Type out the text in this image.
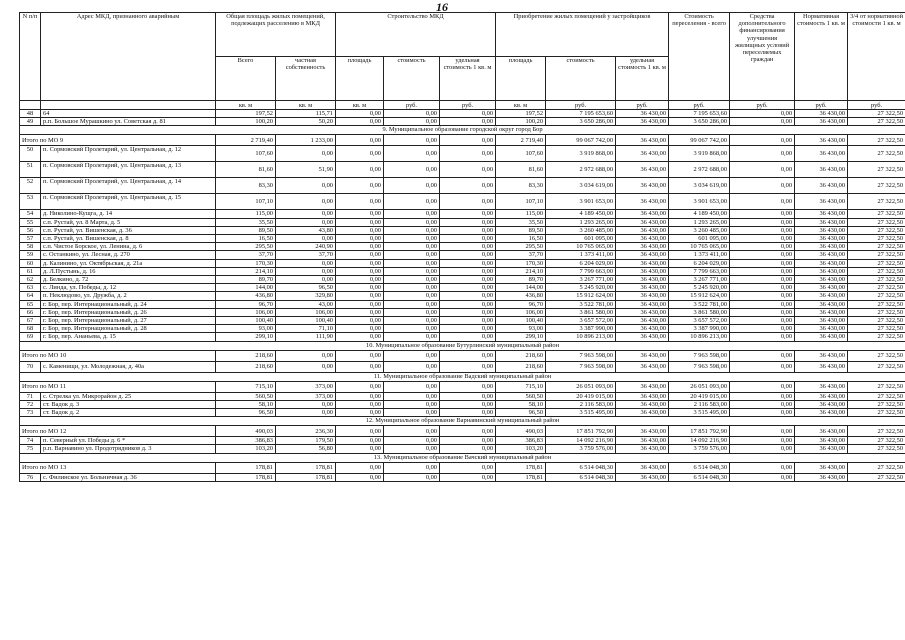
16
N п/п	Адрес МКД, признанного аварийным	Общая площадь жилых помещений, подлежащих расселению в МКД		Строительство МКД			Приобретение жилых помещений у застройщиков			Стоимость переселения - всего	Средства дополнительного финансирования улучшения жилищных условий переселяемых граждан	Нормативная стоимость 1 кв. м	3/4 от нормативной стоимости 1 кв. м
		Всего	частная собственность	площадь	стоимость	удельная стоимость 1 кв. м	площадь	стоимость	удельная стоимость 1 кв. м				
		кв. м	кв. м	кв. м	руб.	руб.	кв. м	руб.	руб.	руб.	руб.	руб.	руб.
48	64	197,52	115,71	0,00	0,00	0,00	197,52	7 195 653,60	36 430,00	7 195 653,60	0,00	36 430,00	27 322,50
49	р.п. Большое Мурашкино ул. Советская д. 81	100,20	50,20	0,00	0,00	0,00	100,20	3 650 286,00	36 430,00	3 650 286,00	0,00	36 430,00	27 322,50
9. Муниципальное образование городской округ город Бор													
Итого по МО 9		2 719,40	1 233,00	0,00	0,00	0,00	2 719,40	99 067 742,00	36 430,00	99 067 742,00	0,00	36 430,00	27 322,50
50	п. Сормовский Пролетарий, ул. Центральная, д. 12	107,60	0,00	0,00	0,00	0,00	107,60	3 919 868,00	36 430,00	3 919 868,00	0,00	36 430,00	27 322,50
51	п. Сормовский Пролетарий, ул. Центральная, д. 13	81,60	51,90	0,00	0,00	0,00	81,60	2 972 688,00	36 430,00	2 972 688,00	0,00	36 430,00	27 322,50
52	п. Сормовский Пролетарий, ул. Центральная, д. 14	83,30	0,00	0,00	0,00	0,00	83,30	3 034 619,00	36 430,00	3 034 619,00	0,00	36 430,00	27 322,50
53	п. Сормовский Пролетарий, ул. Центральная, д. 15	107,10	0,00	0,00	0,00	0,00	107,10	3 901 653,00	36 430,00	3 901 653,00	0,00	36 430,00	27 322,50
54	д. Николино-Кущга, д. 14	115,00	0,00	0,00	0,00	0,00	115,00	4 189 450,00	36 430,00	4 189 450,00	0,00	36 430,00	27 322,50
55	с.п. Рустай, ул. 8 Марта, д. 5	35,50	0,00	0,00	0,00	0,00	35,50	1 293 265,00	36 430,00	1 293 265,00	0,00	36 430,00	27 322,50
56	с.п. Рустай, ул. Вишенская, д. 36	89,50	43,80	0,00	0,00	0,00	89,50	3 260 485,00	36 430,00	3 260 485,00	0,00	36 430,00	27 322,50
57	с.п. Рустай, ул. Вишенская, д. 8	16,50	0,00	0,00	0,00	0,00	16,50	601 095,00	36 430,00	601 095,00	0,00	36 430,00	27 322,50
58	с.п. Чистое Борское, ул. Ленина, д. 6	295,50	240,90	0,00	0,00	0,00	295,50	10 765 065,00	36 430,00	10 765 065,00	0,00	36 430,00	27 322,50
59	с. Останкино, ул. Лесная, д. 270	37,70	37,70	0,00	0,00	0,00	37,70	1 373 411,00	36 430,00	1 373 411,00	0,00	36 430,00	27 322,50
60	д. Калинино, ул. Октябрьская, д. 21а	170,30	0,00	0,00	0,00	0,00	170,30	6 204 029,00	36 430,00	6 204 029,00	0,00	36 430,00	27 322,50
61	д. Л.Пустынь, д. 16	214,10	0,00	0,00	0,00	0,00	214,10	7 799 663,00	36 430,00	7 799 663,00	0,00	36 430,00	27 322,50
62	д. Белкино, д. 72	89,70	0,00	0,00	0,00	0,00	89,70	3 267 771,00	36 430,00	3 267 771,00	0,00	36 430,00	27 322,50
63	с. Линда, ул. Победы, д. 12	144,00	96,50	0,00	0,00	0,00	144,00	5 245 920,00	36 430,00	5 245 920,00	0,00	36 430,00	27 322,50
64	п. Неклюдово, ул. Дружба, д. 2	436,80	329,80	0,00	0,00	0,00	436,80	15 912 624,00	36 430,00	15 912 624,00	0,00	36 430,00	27 322,50
65	г. Бор, пер. Интернациональный, д. 24	96,70	43,00	0,00	0,00	0,00	96,70	3 522 781,00	36 430,00	3 522 781,00	0,00	36 430,00	27 322,50
66	г. Бор, пер. Интернациональный, д. 26	106,00	106,00	0,00	0,00	0,00	106,00	3 861 580,00	36 430,00	3 861 580,00	0,00	36 430,00	27 322,50
67	г. Бор, пер. Интернациональный, д. 27	100,40	100,40	0,00	0,00	0,00	100,40	3 657 572,00	36 430,00	3 657 572,00	0,00	36 430,00	27 322,50
68	г. Бор, пер. Интернациональный, д. 28	93,00	71,10	0,00	0,00	0,00	93,00	3 387 990,00	36 430,00	3 387 990,00	0,00	36 430,00	27 322,50
69	г. Бор, пер. Ананьева, д. 15	299,10	111,90	0,00	0,00	0,00	299,10	10 896 213,00	36 430,00	10 896 213,00	0,00	36 430,00	27 322,50
10. Муниципальное образование Бутурлинский муниципальный район													
Итого по МО 10		218,60	0,00	0,00	0,00	0,00	218,60	7 963 598,00	36 430,00	7 963 598,00	0,00	36 430,00	27 322,50
70	с. Каменищи, ул. Молодежная, д. 40а	218,60	0,00	0,00	0,00	0,00	218,60	7 963 598,00	36 430,00	7 963 598,00	0,00	36 430,00	27 322,50
11. Муниципальное образование Вадский муниципальный район													
Итого по МО 11		715,10	373,00	0,00	0,00	0,00	715,10	26 051 093,00	36 430,00	26 051 093,00	0,00	36 430,00	27 322,50
71	с. Стрелка ул. Микрорайон д. 25	560,50	373,00	0,00	0,00	0,00	560,50	20 419 015,00	36 430,00	20 419 015,00	0,00	36 430,00	27 322,50
72	ст. Вадок д. 3	58,10	0,00	0,00	0,00	0,00	58,10	2 116 583,00	36 430,00	2 116 583,00	0,00	36 430,00	27 322,50
73	ст. Вадок д. 2	96,50	0,00	0,00	0,00	0,00	96,50	3 515 495,00	36 430,00	3 515 495,00	0,00	36 430,00	27 322,50
12. Муниципальное образование Варнавинский муниципальный район													
Итого по МО 12		490,03	236,30	0,00	0,00	0,00	490,03	17 851 792,90	36 430,00	17 851 792,90	0,00	36 430,00	27 322,50
74	п. Северный ул. Победы д. 6 *	386,83	179,50	0,00	0,00	0,00	386,83	14 092 216,90	36 430,00	14 092 216,90	0,00	36 430,00	27 322,50
75	р.п. Варнавино ул. Продотрядников д. 3	103,20	56,80	0,00	0,00	0,00	103,20	3 759 576,00	36 430,00	3 759 576,00	0,00	36 430,00	27 322,50
13. Муниципальное образование Вачский муниципальный район													
Итого по МО 13		178,81	178,81	0,00	0,00	0,00	178,81	6 514 048,30	36 430,00	6 514 048,30	0,00	36 430,00	27 322,50
76	с. Филинское ул. Больничная д. 36	178,81	178,81	0,00	0,00	0,00	178,81	6 514 048,30	36 430,00	6 514 048,30	0,00	36 430,00	27 322,50
